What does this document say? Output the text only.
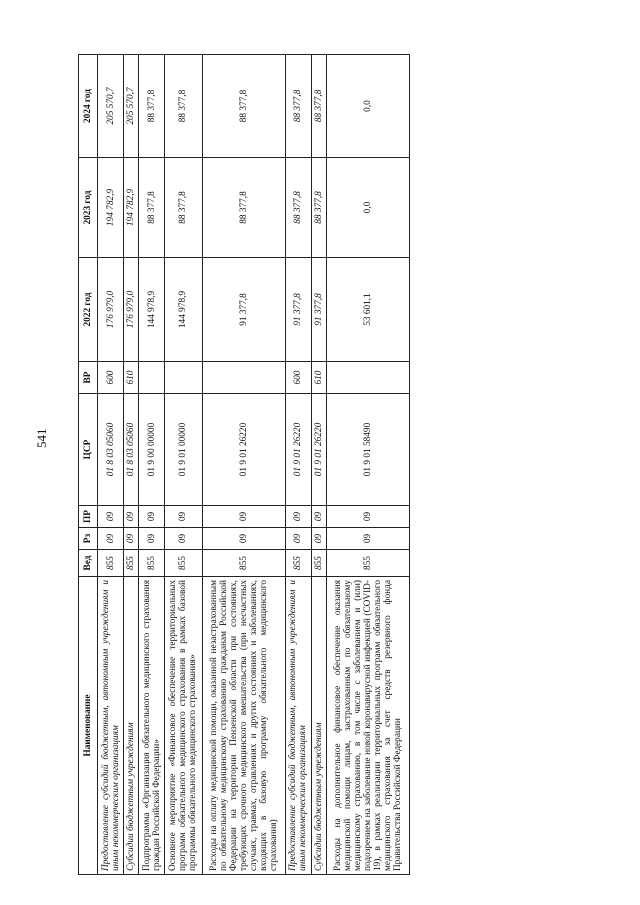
541
Наименование	Вед	Рз	ПР	ЦСР	ВР	2022 год	2023 год	2024 год
Предоставление субсидий бюджетным, автономным учреждениям и иным некоммерческим организациям	855	09	09	01 8 03 05060	600	176 979,0	194 782,9	205 570,7
Субсидии бюджетным учреждениям	855	09	09	01 8 03 05060	610	176 979,0	194 782,9	205 570,7
Подпрограмма «Организация обязательного медицинского страхования граждан Российской Федерации»	855	09	09	01 9 00 00000		144 978,9	88 377,8	88 377,8
Основное мероприятие «Финансовое обеспечение территориальных программ обязательного медицинского страхования в рамках базовой программы обязательного медицинского страхования»	855	09	09	01 9 01 00000		144 978,9	88 377,8	88 377,8
Расходы на оплату медицинской помощи, оказанной незастрахованным по обязательному медицинскому страхованию гражданам Российской Федерации на территории Пензенской области при состояниях, требующих срочного медицинского вмешательства (при несчастных случаях, травмах, отравлениях и других состояниях и заболеваниях, входящих в базовую программу обязательного медицинского страхования)	855	09	09	01 9 01 26220		91 377,8	88 377,8	88 377,8
Предоставление субсидий бюджетным, автономным учреждениям и иным некоммерческим организациям	855	09	09	01 9 01 26220	600	91 377,8	88 377,8	88 377,8
Субсидии бюджетным учреждениям	855	09	09	01 9 01 26220	610	91 377,8	88 377,8	88 377,8
Расходы на дополнительное финансовое обеспечение оказания медицинской помощи лицам, застрахованным по обязательному медицинскому страхованию, в том числе с заболеванием и (или) подозрением на заболевание новой коронавирусной инфекцией (COVID-19), в рамках реализации территориальных программ обязательного медицинского страхования за счет средств резервного фонда Правительства Российской Федерации	855	09	09	01 9 01 58490		53 601,1	0,0	0,0
